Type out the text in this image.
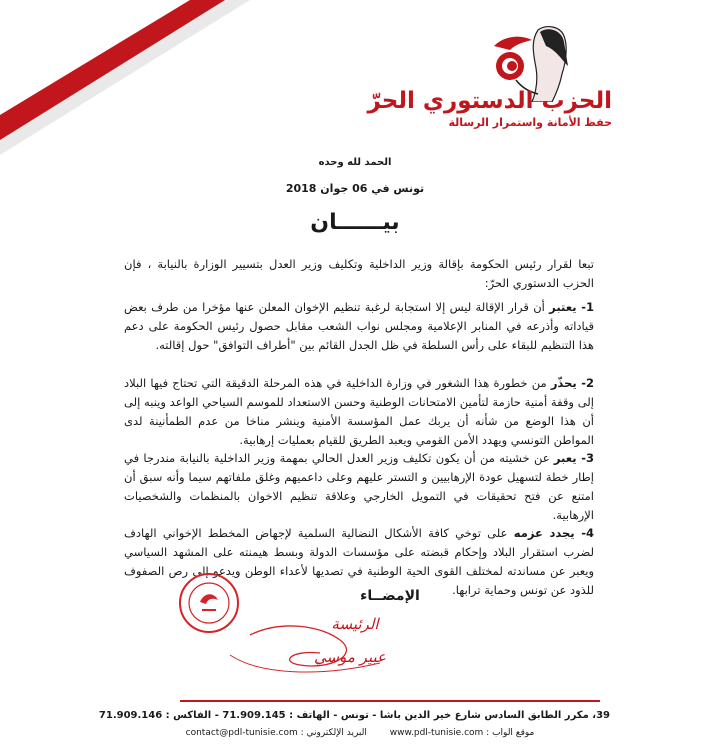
الحزب الدستوري الحرّ
حفظ الأمانة واستمرار الرسالة
الحمد لله وحده
تونس في 06 جوان 2018
بيــــــان

تبعا لقرار رئيس الحكومة بإقالة وزير الداخلية وتكليف وزير العدل بتسيير الوزارة بالنيابة ، فإن الحزب الدستوري الحرّ:

1- يعتبر أن قرار الإقالة ليس إلا استجابة لرغبة تنظيم الإخوان المعلن عنها مؤخرا من طرف بعض قياداته وأذرعه في المنابر الإعلامية ومجلس نواب الشعب مقابل حصول رئيس الحكومة على دعم هذا التنظيم للبقاء على رأس السلطة في ظل الجدل القائم بين "أطراف التوافق" حول إقالته.

2- يحذّر من خطورة هذا الشغور في وزارة الداخلية في هذه المرحلة الدقيقة التي تحتاج فيها البلاد إلى وقفة أمنية حازمة لتأمين الامتحانات الوطنية وحسن الاستعداد للموسم السياحي الواعد وينبه إلى أن هذا الوضع من شأنه أن يربك عمل المؤسسة الأمنية وينشر مناخا من عدم الطمأنينة لدى المواطن التونسي ويهدد الأمن القومي ويعبد الطريق للقيام بعمليات إرهابية.

3- يعبر عن خشيته من أن يكون تكليف وزير العدل الحالي بمهمة وزير الداخلية بالنيابة مندرجا في إطار خطة لتسهيل عودة الإرهابيين و التستر عليهم وعلى داعميهم وغلق ملفاتهم سيما وأنه سبق أن امتنع عن فتح تحقيقات في التمويل الخارجي وعلاقة تنظيم الاخوان بالمنظمات والشخصيات الإرهابية.

4- يجدد عزمه على توخي كافة الأشكال النضالية السلمية لإجهاض المخطط الإخواني الهادف لضرب استقرار البلاد وإحكام قبضته على مؤسسات الدولة وبسط هيمنته على المشهد السياسي ويعبر عن مساندته لمختلف القوى الحية الوطنية في تصديها لأعداء الوطن ويدعو إلى رص الصفوف للذود عن تونس وحماية ترابها.

الإمضــاء
الرئيسة
عبير موسي
39، مكرر الطابق السادس شارع خير الدين باشا - تونس - الهاتف : 71.909.145 - الفاكس : 71.909.146
موقع الواب : www.pdl-tunisie.com البريد الإلكتروني : contact@pdl-tunisie.com
